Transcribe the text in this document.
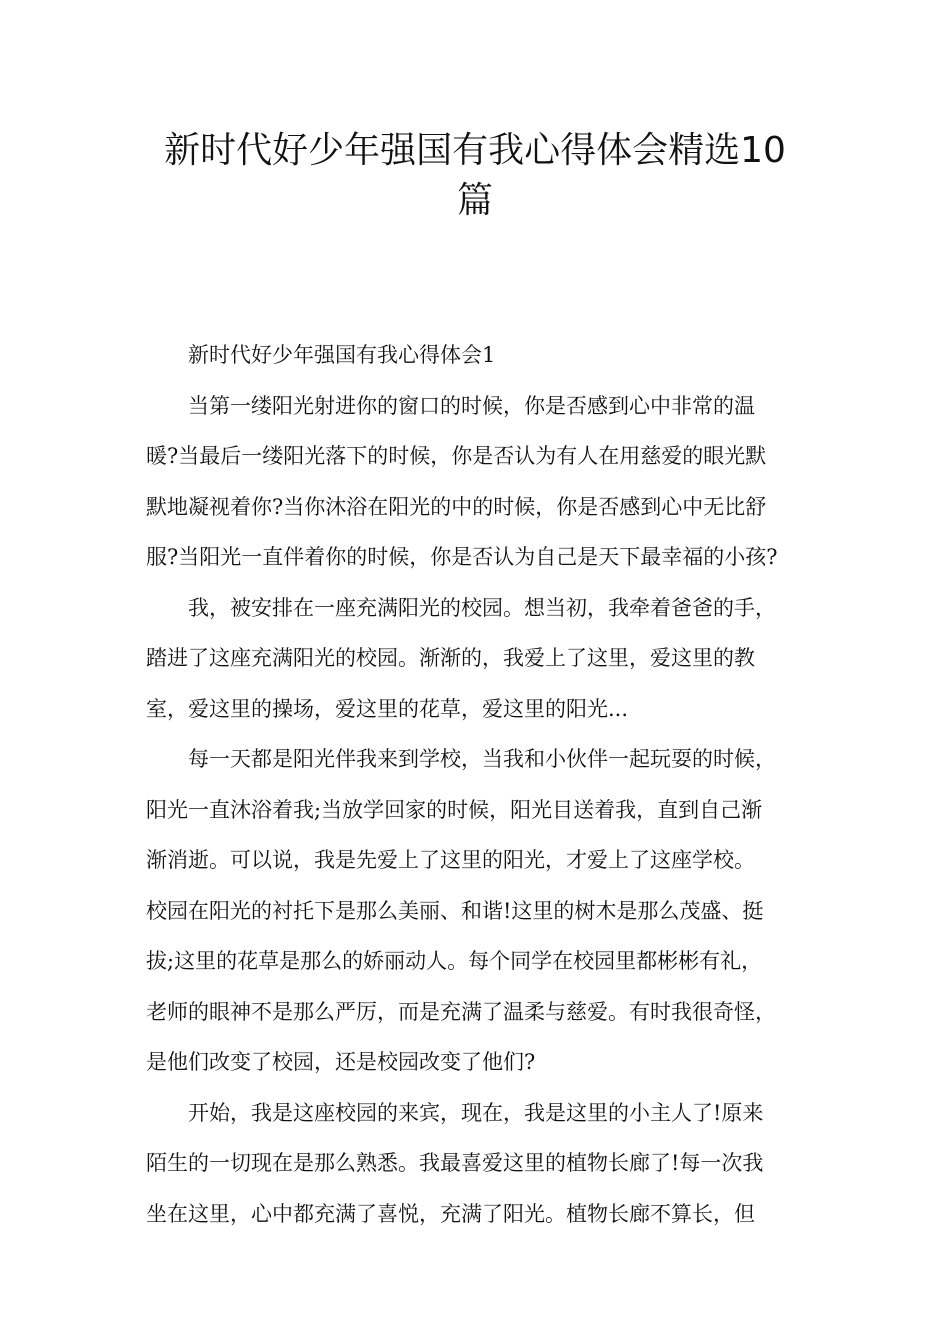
新时代好少年强国有我心得体会精选10
篇

新时代好少年强国有我心得体会1

当第一缕阳光射进你的窗口的时候，你是否感到心中非常的温
暖?当最后一缕阳光落下的时候，你是否认为有人在用慈爱的眼光默
默地凝视着你?当你沐浴在阳光的中的时候，你是否感到心中无比舒
服?当阳光一直伴着你的时候，你是否认为自己是天下最幸福的小孩?

我，被安排在一座充满阳光的校园。想当初，我牵着爸爸的手，
踏进了这座充满阳光的校园。渐渐的，我爱上了这里，爱这里的教
室，爱这里的操场，爱这里的花草，爱这里的阳光...

每一天都是阳光伴我来到学校，当我和小伙伴一起玩耍的时候，
阳光一直沐浴着我;当放学回家的时候，阳光目送着我，直到自己渐
渐消逝。可以说，我是先爱上了这里的阳光，才爱上了这座学校。
校园在阳光的衬托下是那么美丽、和谐!这里的树木是那么茂盛、挺
拔;这里的花草是那么的娇丽动人。每个同学在校园里都彬彬有礼，
老师的眼神不是那么严厉，而是充满了温柔与慈爱。有时我很奇怪，
是他们改变了校园，还是校园改变了他们?

开始，我是这座校园的来宾，现在，我是这里的小主人了!原来
陌生的一切现在是那么熟悉。我最喜爱这里的植物长廊了!每一次我
坐在这里，心中都充满了喜悦，充满了阳光。植物长廊不算长，但
